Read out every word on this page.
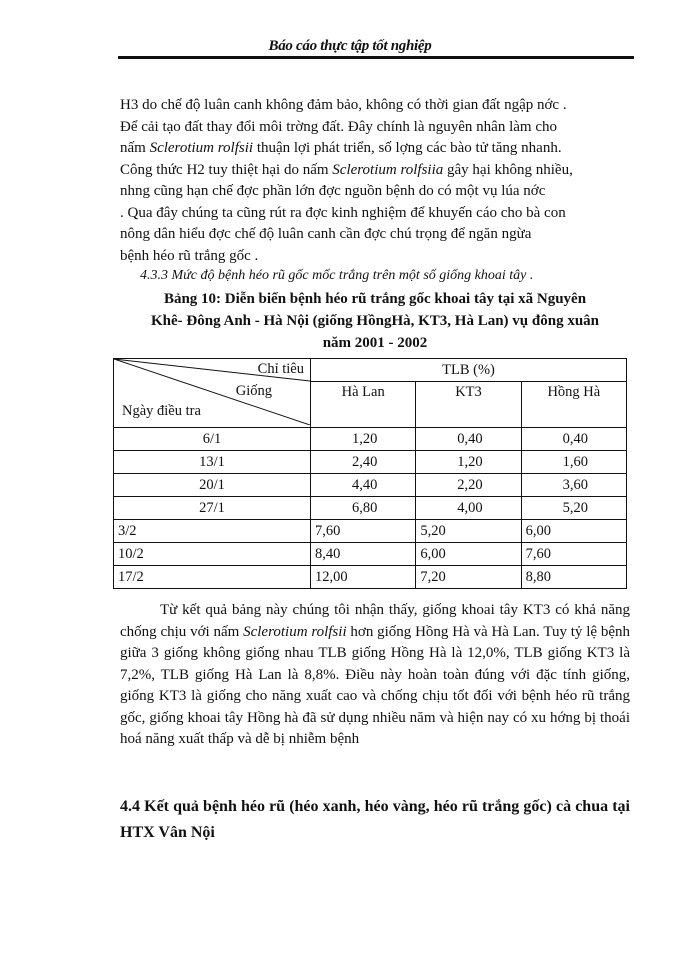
Báo cáo thực tập tốt nghiệp

H3 do chế độ luân canh không đảm bảo, không có thời gian đất ngập nớc .

Để cải tạo đất thay đổi môi trờng đất. Đây chính là nguyên nhân làm cho

nấm Sclerotium rolfsii thuận lợi phát triển, số lợng các bào tử tăng nhanh.

Công thức H2 tuy thiệt hại do nấm Sclerotium rolfsiia gây hại không nhiều,

nhng cũng hạn chế đợc phần lớn đợc nguồn bệnh do có một vụ lúa nớc

. Qua đây chúng ta cũng rút ra đợc kinh nghiệm để khuyến cáo cho bà con

nông dân hiểu đợc chế độ luân canh cần đợc chú trọng để ngăn ngừa

bệnh héo rũ trắng gốc .

4.3.3 Mức độ bệnh héo rũ gốc mốc trắng trên một số giống khoai tây .

Bảng 10: Diễn biến bệnh héo rũ trắng gốc khoai tây tại xã Nguyên
Khê- Đông Anh - Hà Nội (giống HồngHà, KT3, Hà Lan) vụ đông xuân
năm 2001 - 2002
Chỉ tiêu
Giống
Ngày điều tra	TLB (%)		
	Hà Lan	KT3	Hồng Hà
6/1	1,20	0,40	0,40
13/1	2,40	1,20	1,60
20/1	4,40	2,20	3,60
27/1	6,80	4,00	5,20
3/2	7,60	5,20	6,00
10/2	8,40	6,00	7,60
17/2	12,00	7,20	8,80
Từ kết quả bảng này chúng tôi nhận thấy, giống khoai tây KT3 có khả năng chống chịu với nấm Sclerotium rolfsii hơn giống Hồng Hà và Hà Lan. Tuy tỷ lệ bệnh giữa 3 giống không giống nhau TLB giống Hồng Hà là 12,0%, TLB giống KT3 là 7,2%, TLB giống Hà Lan là 8,8%. Điều này hoàn toàn đúng với đặc tính giống, giống KT3 là giống cho năng xuất cao và chống chịu tốt đối với bệnh héo rũ trắng gốc, giống khoai tây Hồng hà đã sử dụng nhiều năm và hiện nay có xu hớng bị thoái hoá năng xuất thấp và dễ bị nhiễm bệnh

4.4 Kết quả bệnh héo rũ (héo xanh, héo vàng, héo rũ trắng gốc) cà chua tại HTX Vân Nội
